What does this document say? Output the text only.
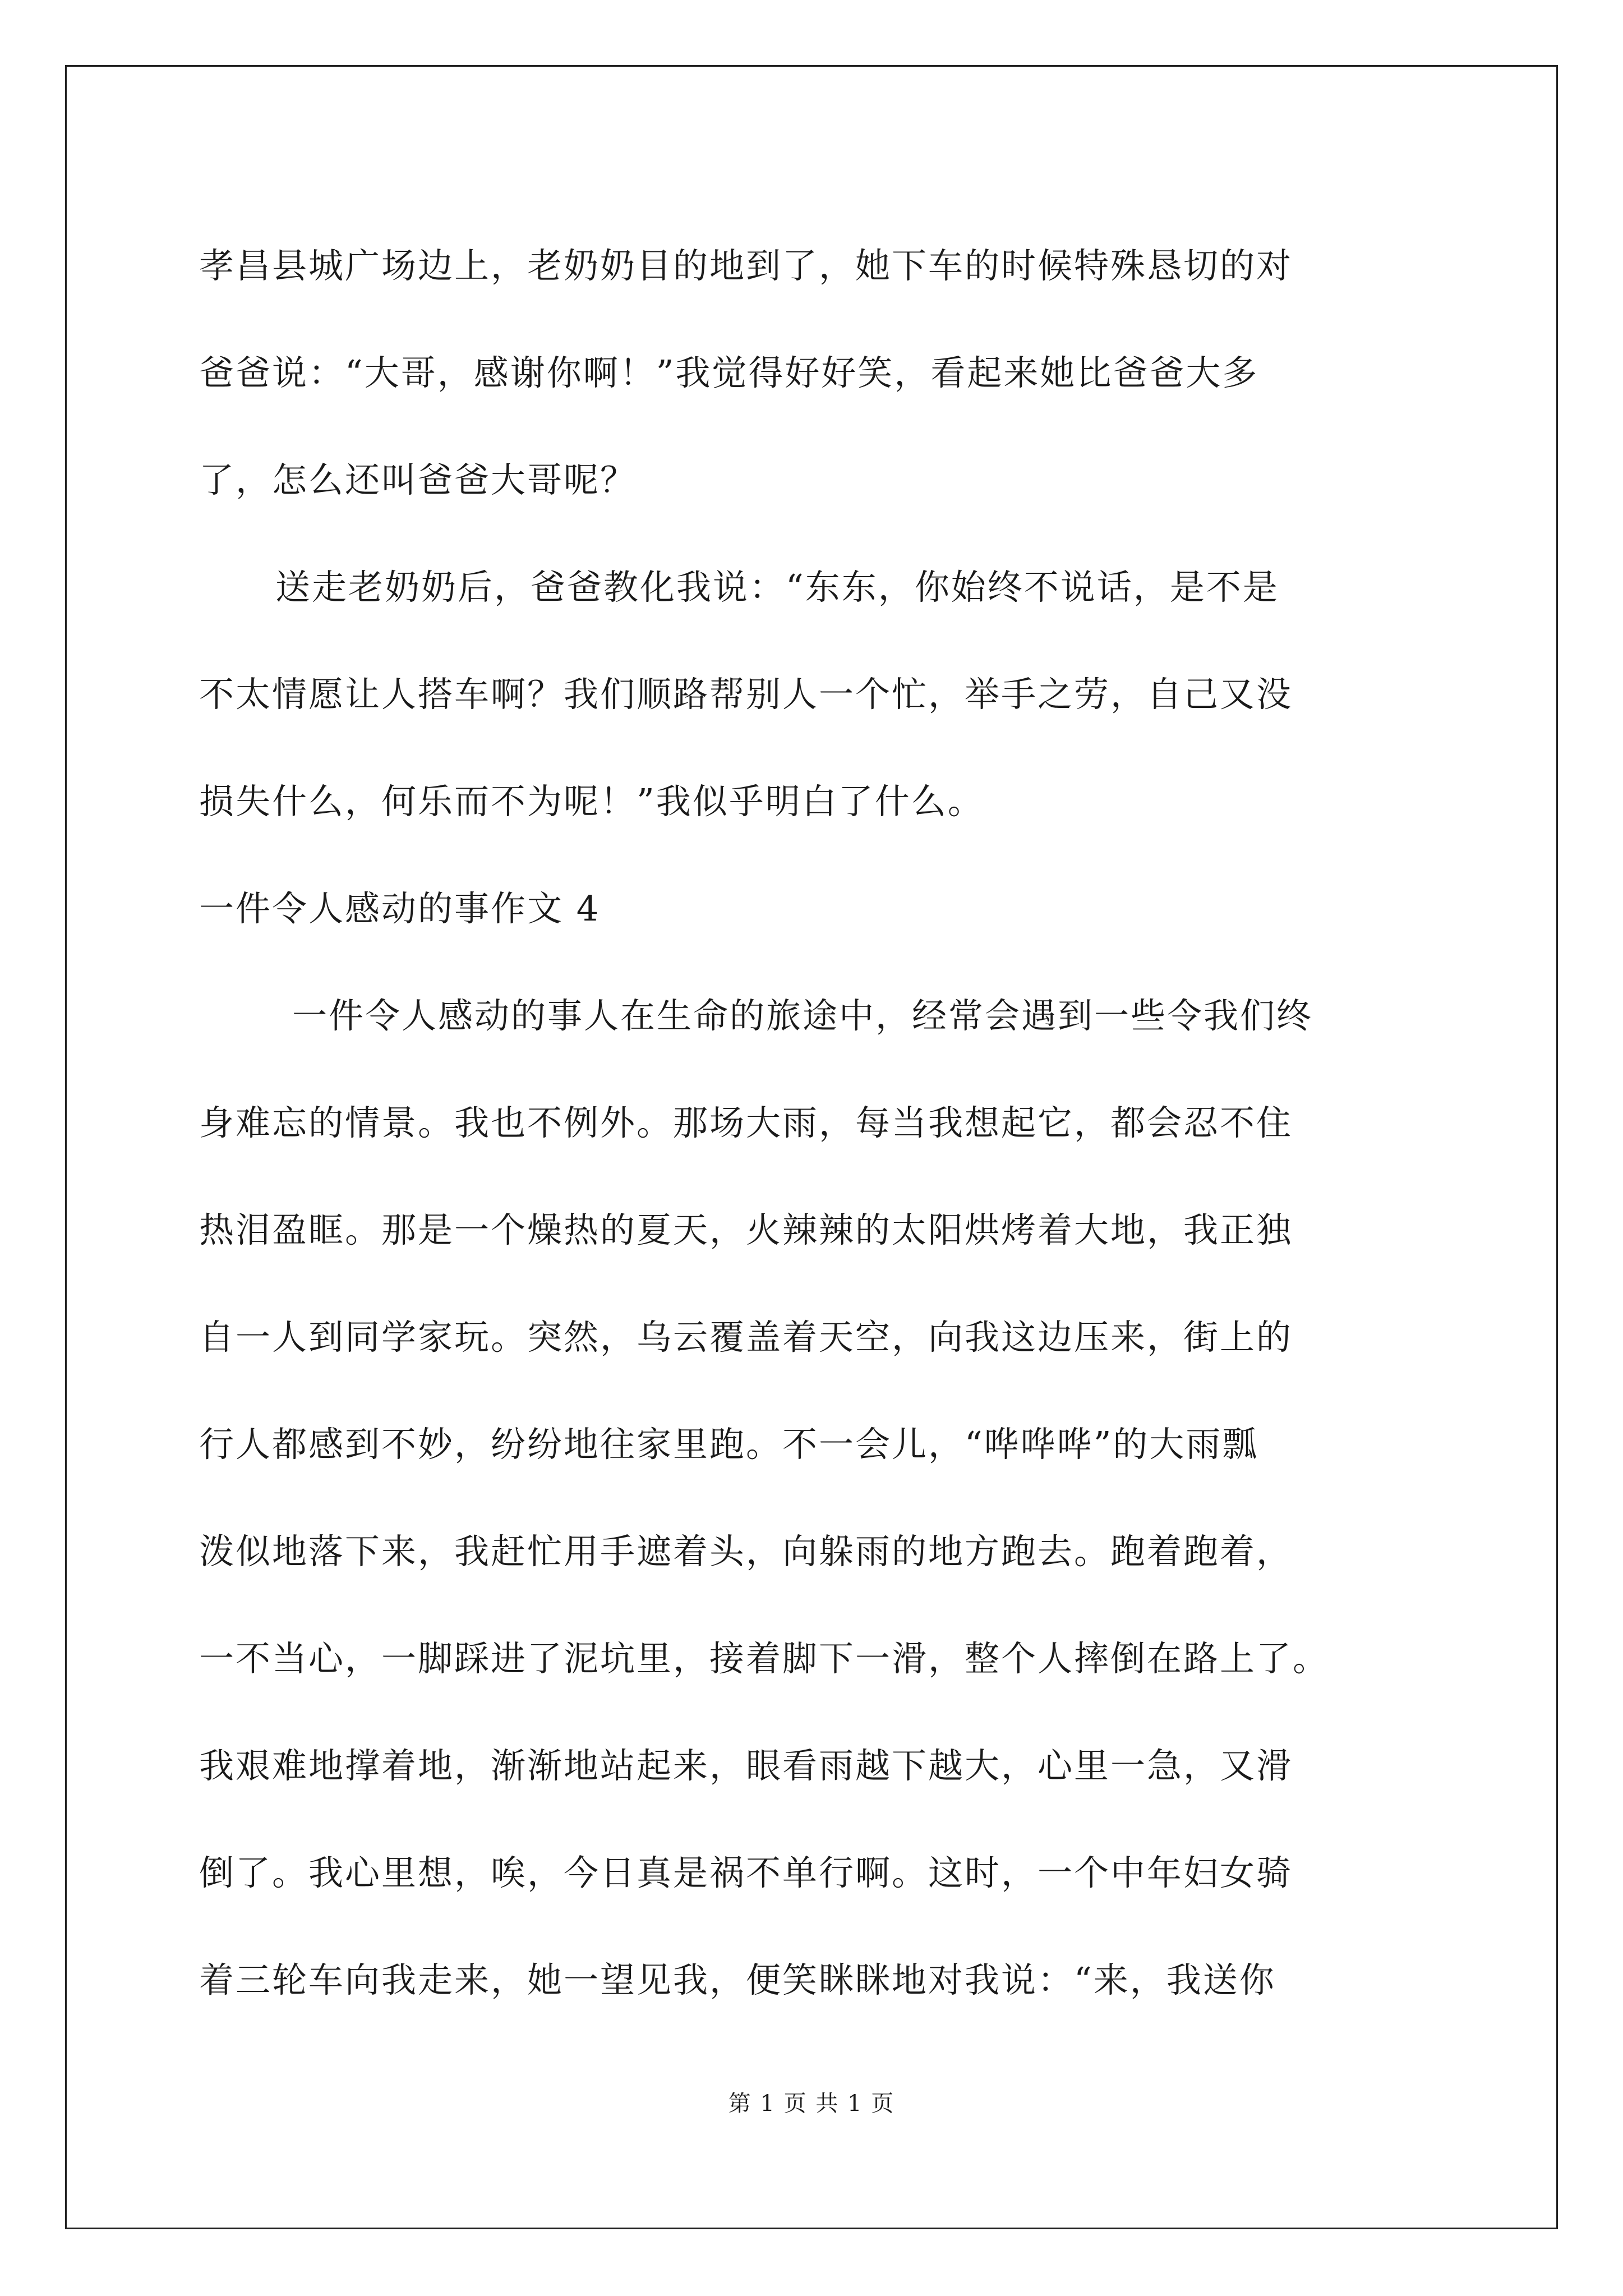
孝昌县城广场边上，老奶奶目的地到了，她下车的时候特殊恳切的对
爸爸说：“大哥，感谢你啊！”我觉得好好笑，看起来她比爸爸大多
了，怎么还叫爸爸大哥呢？
送走老奶奶后，爸爸教化我说：“东东，你始终不说话，是不是
不太情愿让人搭车啊？我们顺路帮别人一个忙，举手之劳，自己又没
损失什么，何乐而不为呢！”我似乎明白了什么。
一件令人感动的事作文 4
一件令人感动的事人在生命的旅途中，经常会遇到一些令我们终
身难忘的情景。我也不例外。那场大雨，每当我想起它，都会忍不住
热泪盈眶。那是一个燥热的夏天，火辣辣的太阳烘烤着大地，我正独
自一人到同学家玩。突然，乌云覆盖着天空，向我这边压来，街上的
行人都感到不妙，纷纷地往家里跑。不一会儿，“哗哗哗”的大雨瓢
泼似地落下来，我赶忙用手遮着头，向躲雨的地方跑去。跑着跑着，
一不当心，一脚踩进了泥坑里，接着脚下一滑，整个人摔倒在路上了。
我艰难地撑着地，渐渐地站起来，眼看雨越下越大，心里一急，又滑
倒了。我心里想，唉，今日真是祸不单行啊。这时，一个中年妇女骑
着三轮车向我走来，她一望见我，便笑眯眯地对我说：“来，我送你
第 1 页 共 1 页
